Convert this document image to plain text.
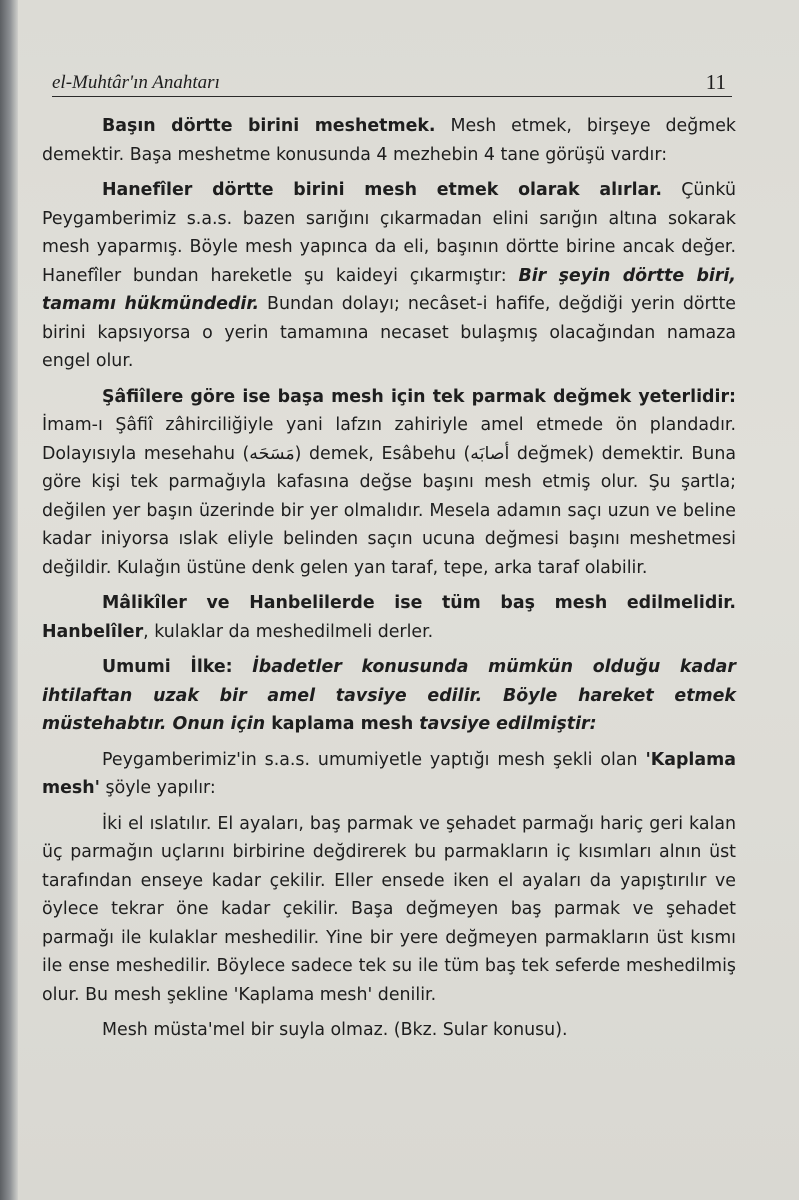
el-Muhtâr'ın Anahtarı	11

Başın dörtte birini meshetmek. Mesh etmek, birşeye değmek demektir. Başa meshetme konusunda 4 mezhebin 4 tane görüşü vardır:

Hanefîler dörtte birini mesh etmek olarak alırlar. Çünkü Peygamberimiz s.a.s. bazen sarığını çıkarmadan elini sarığın altına sokarak mesh yaparmış. Böyle mesh yapınca da eli, başının dörtte birine ancak değer. Hanefîler bundan hareketle şu kaideyi çıkarmıştır: Bir şeyin dörtte biri, tamamı hükmündedir. Bundan dolayı; necâset-i hafife, değdiği yerin dörtte birini kapsıyorsa o yerin tamamına necaset bulaşmış olacağından namaza engel olur.

Şâfiîlere göre ise başa mesh için tek parmak değmek yeterlidir: İmam-ı Şâfiî zâhirciliğiyle yani lafzın zahiriyle amel etmede ön plandadır. Dolayısıyla mesehahu (مَسَحَه) demek, Esâbehu (أصابَه değmek) demektir. Buna göre kişi tek parmağıyla kafasına değse başını mesh etmiş olur. Şu şartla; değilen yer başın üzerinde bir yer olmalıdır. Mesela adamın saçı uzun ve beline kadar iniyorsa ıslak eliyle belinden saçın ucuna değmesi başını meshetmesi değildir. Kulağın üstüne denk gelen yan taraf, tepe, arka taraf olabilir.

Mâlikîler ve Hanbelilerde ise tüm baş mesh edilmelidir. Hanbelîler, kulaklar da meshedilmeli derler.

Umumi İlke: İbadetler konusunda mümkün olduğu kadar ihtilaftan uzak bir amel tavsiye edilir. Böyle hareket etmek müstehabtır. Onun için kaplama mesh tavsiye edilmiştir:

Peygamberimiz'in s.a.s. umumiyetle yaptığı mesh şekli olan 'Kaplama mesh' şöyle yapılır:

İki el ıslatılır. El ayaları, baş parmak ve şehadet parmağı hariç geri kalan üç parmağın uçlarını birbirine değdirerek bu parmakların iç kısımları alnın üst tarafından enseye kadar çekilir. Eller ensede iken el ayaları da yapıştırılır ve öylece tekrar öne kadar çekilir. Başa değmeyen baş parmak ve şehadet parmağı ile kulaklar meshedilir. Yine bir yere değmeyen parmakların üst kısmı ile ense meshedilir. Böylece sadece tek su ile tüm baş tek seferde meshedilmiş olur. Bu mesh şekline 'Kaplama mesh' denilir.

Mesh müsta'mel bir suyla olmaz. (Bkz. Sular konusu).
